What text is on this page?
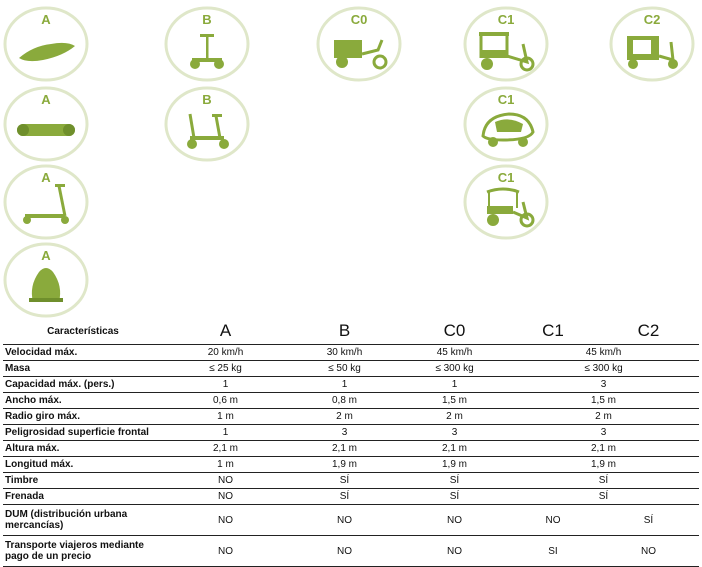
A	B	C0	C1	C2
A	B	C1
A	C1
A
Características	A	B	C0	C1	C2
Velocidad máx.	20 km/h	30 km/h	45 km/h	45 km/h	
Masa	≤ 25 kg	≤ 50 kg	≤ 300 kg	≤ 300 kg	
Capacidad máx. (pers.)	1	1	1	3	
Ancho máx.	0,6 m	0,8 m	1,5 m	1,5 m	
Radio giro máx.	1 m	2 m	2 m	2 m	
Peligrosidad superficie frontal	1	3	3	3	
Altura máx.	2,1 m	2,1 m	2,1 m	2,1 m	
Longitud máx.	1 m	1,9 m	1,9 m	1,9 m	
Timbre	NO	SÍ	SÍ	SÍ	
Frenada	NO	SÍ	SÍ	SÍ	
DUM (distribución urbana mercancías)	NO	NO	NO	NO	SÍ
Transporte viajeros mediante pago de un precio	NO	NO	NO	SI	NO
